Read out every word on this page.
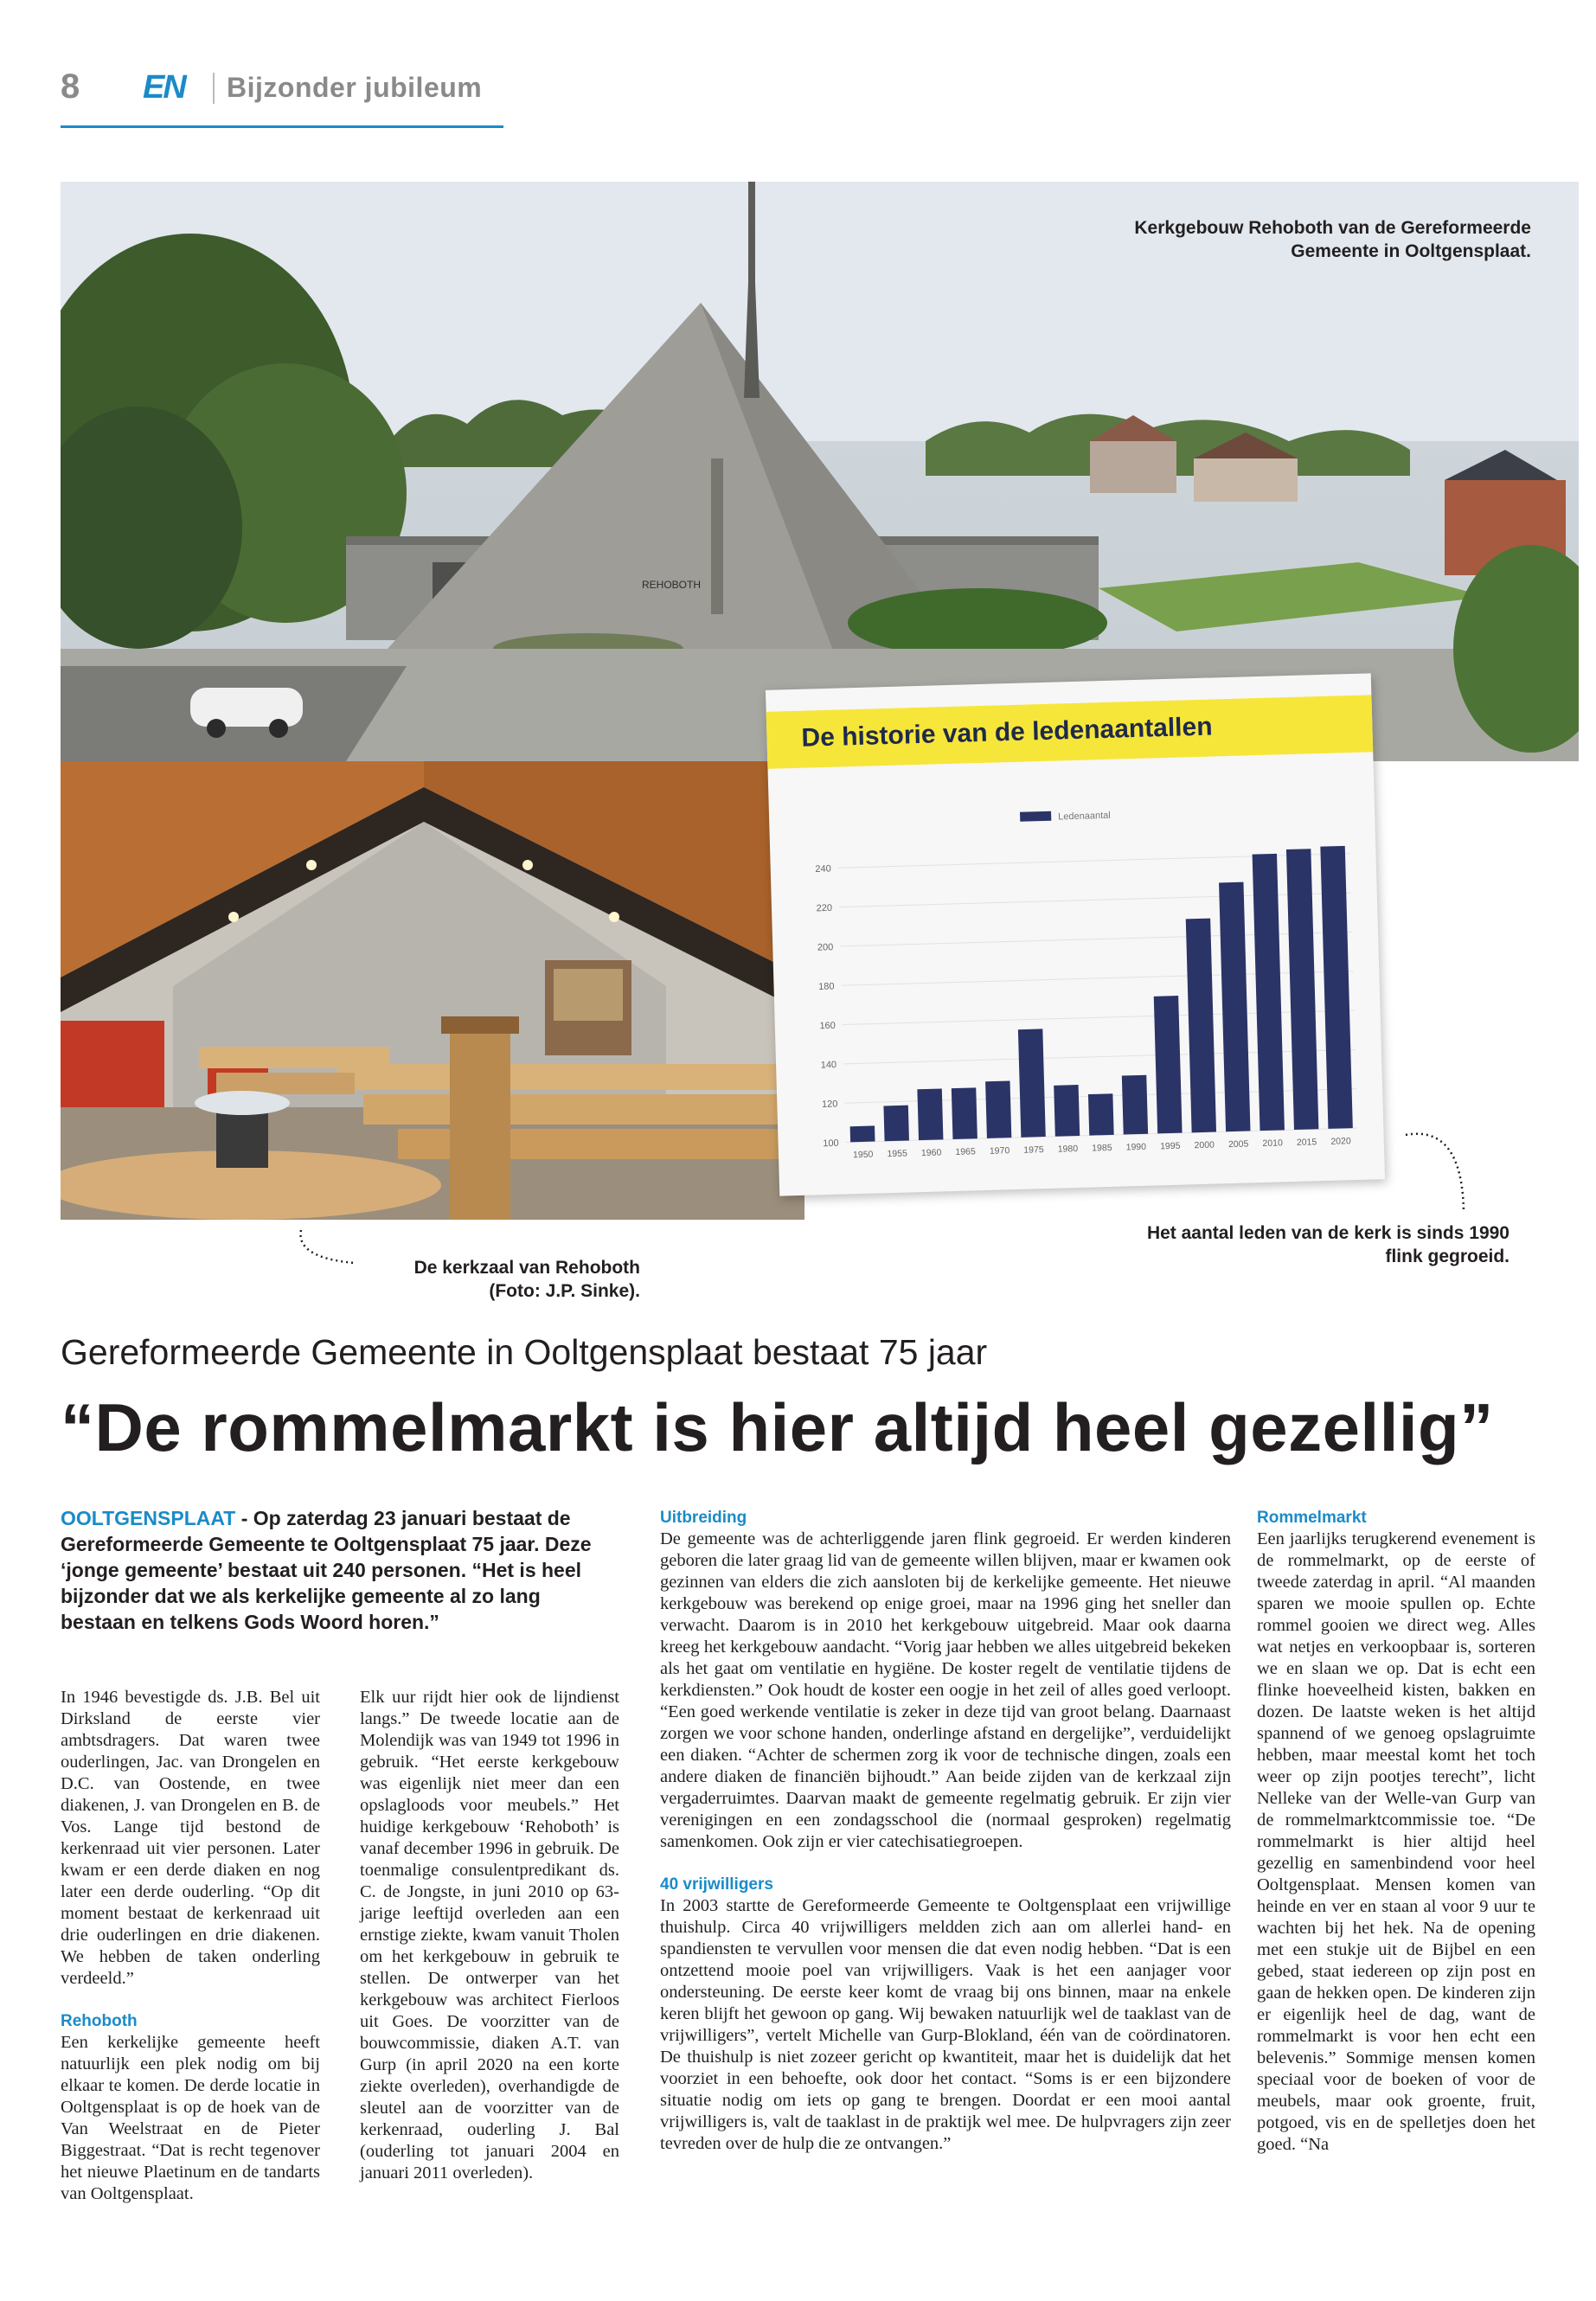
8 EN Bijzonder jubileum
REHOBOTH
De historie van de ledenaantallen
1950 1955 1960 1965 1970 1975 1980 1985 1990 1995 2000 2005 2010 2015 2020
100
120
140
160
180
200
220
240
Ledenaantal
Kerkgebouw Rehoboth van de Gereformeerde Gemeente in Ooltgensplaat.
Het aantal leden van de kerk is sinds 1990 flink gegroeid.
De kerkzaal van Rehoboth (Foto: J.P. Sinke).
Gereformeerde Gemeente in Ooltgensplaat bestaat 75 jaar
“De rommelmarkt is hier altijd heel gezellig”
OOLTGENSPLAAT - Op zaterdag 23 januari bestaat de Gereformeerde Gemeente te Ooltgensplaat 75 jaar. Deze ‘jonge gemeente’ bestaat uit 240 personen. “Het is heel bijzonder dat we als kerkelijke gemeente al zo lang bestaan en telkens Gods Woord horen.”

In 1946 bevestigde ds. J.B. Bel uit Dirksland de eerste vier ambtsdragers. Dat waren twee ouderlingen, Jac. van Drongelen en D.C. van Oostende, en twee diakenen, J. van Drongelen en B. de Vos. Lange tijd bestond de kerkenraad uit vier personen. Later kwam er een derde diaken en nog later een derde ouderling. “Op dit moment bestaat de kerkenraad uit drie ouderlingen en drie diakenen. We hebben de taken onderling verdeeld.”

Rehoboth

Een kerkelijke gemeente heeft natuurlijk een plek nodig om bij elkaar te komen. De derde locatie in Ooltgensplaat is op de hoek van de Van Weelstraat en de Pieter Biggestraat. “Dat is recht tegenover het nieuwe Plaetinum en de tandarts van Ooltgensplaat.

Elk uur rijdt hier ook de lijndienst langs.” De tweede locatie aan de Molendijk was van 1949 tot 1996 in gebruik. “Het eerste kerkgebouw was eigenlijk niet meer dan een opslagloods voor meubels.” Het huidige kerkgebouw ‘Rehoboth’ is vanaf december 1996 in gebruik. De toenmalige consulentpredikant ds. C. de Jongste, in juni 2010 op 63-jarige leeftijd overleden aan een ernstige ziekte, kwam vanuit Tholen om het kerkgebouw in gebruik te stellen. De ontwerper van het kerkgebouw was architect Fierloos uit Goes. De voorzitter van de bouwcommissie, diaken A.T. van Gurp (in april 2020 na een korte ziekte overleden), overhandigde de sleutel aan de voorzitter van de kerkenraad, ouderling J. Bal (ouderling tot januari 2004 en januari 2011 overleden).

Uitbreiding

De gemeente was de achterliggende jaren flink gegroeid. Er werden kinderen geboren die later graag lid van de gemeente willen blijven, maar er kwamen ook gezinnen van elders die zich aansloten bij de kerkelijke gemeente. Het nieuwe kerkgebouw was berekend op enige groei, maar na 1996 ging het sneller dan verwacht. Daarom is in 2010 het kerkgebouw uitgebreid. Maar ook daarna kreeg het kerkgebouw aandacht. “Vorig jaar hebben we alles uitgebreid bekeken als het gaat om ventilatie en hygiëne. De koster regelt de ventilatie tijdens de kerkdiensten.” Ook houdt de koster een oogje in het zeil of alles goed verloopt. “Een goed werkende ventilatie is zeker in deze tijd van groot belang. Daarnaast zorgen we voor schone handen, onderlinge afstand en dergelijke”, verduidelijkt een diaken. “Achter de schermen zorg ik voor de technische dingen, zoals een andere diaken de financiën bijhoudt.” Aan beide zijden van de kerkzaal zijn vergaderruimtes. Daarvan maakt de gemeente regelmatig gebruik. Er zijn vier verenigingen en een zondagsschool die (normaal gesproken) regelmatig samenkomen. Ook zijn er vier catechisatiegroepen.

40 vrijwilligers

In 2003 startte de Gereformeerde Gemeente te Ooltgensplaat een vrijwillige thuishulp. Circa 40 vrijwilligers meldden zich aan om allerlei hand- en spandiensten te vervullen voor mensen die dat even nodig hebben. “Dat is een ontzettend mooie poel van vrijwilligers. Vaak is het een aanjager voor ondersteuning. De eerste keer komt de vraag bij ons binnen, maar na enkele keren blijft het gewoon op gang. Wij bewaken natuurlijk wel de taaklast van de vrijwilligers”, vertelt Michelle van Gurp-Blokland, één van de coördinatoren. De thuishulp is niet zozeer gericht op kwantiteit, maar het is duidelijk dat het voorziet in een behoefte, ook door het contact. “Soms is er een bijzondere situatie nodig om iets op gang te brengen. Doordat er een mooi aantal vrijwilligers is, valt de taaklast in de praktijk wel mee. De hulpvragers zijn zeer tevreden over de hulp die ze ontvangen.”

Rommelmarkt

Een jaarlijks terugkerend evenement is de rommelmarkt, op de eerste of tweede zaterdag in april. “Al maanden sparen we mooie spullen op. Echte rommel gooien we direct weg. Alles wat netjes en verkoopbaar is, sorteren we en slaan we op. Dat is echt een flinke hoeveelheid kisten, bakken en dozen. De laatste weken is het altijd spannend of we genoeg opslagruimte hebben, maar meestal komt het toch weer op zijn pootjes terecht”, licht Nelleke van der Welle-van Gurp van de rommelmarktcommissie toe. “De rommelmarkt is hier altijd heel gezellig en samenbindend voor heel Ooltgensplaat. Mensen komen van heinde en ver en staan al voor 9 uur te wachten bij het hek. Na de opening met een stukje uit de Bijbel en een gebed, staat iedereen op zijn post en gaan de hekken open. De kinderen zijn er eigenlijk heel de dag, want de rommelmarkt is voor hen echt een belevenis.” Sommige mensen komen speciaal voor de boeken of voor de meubels, maar ook groente, fruit, potgoed, vis en de spelletjes doen het goed. “Na
